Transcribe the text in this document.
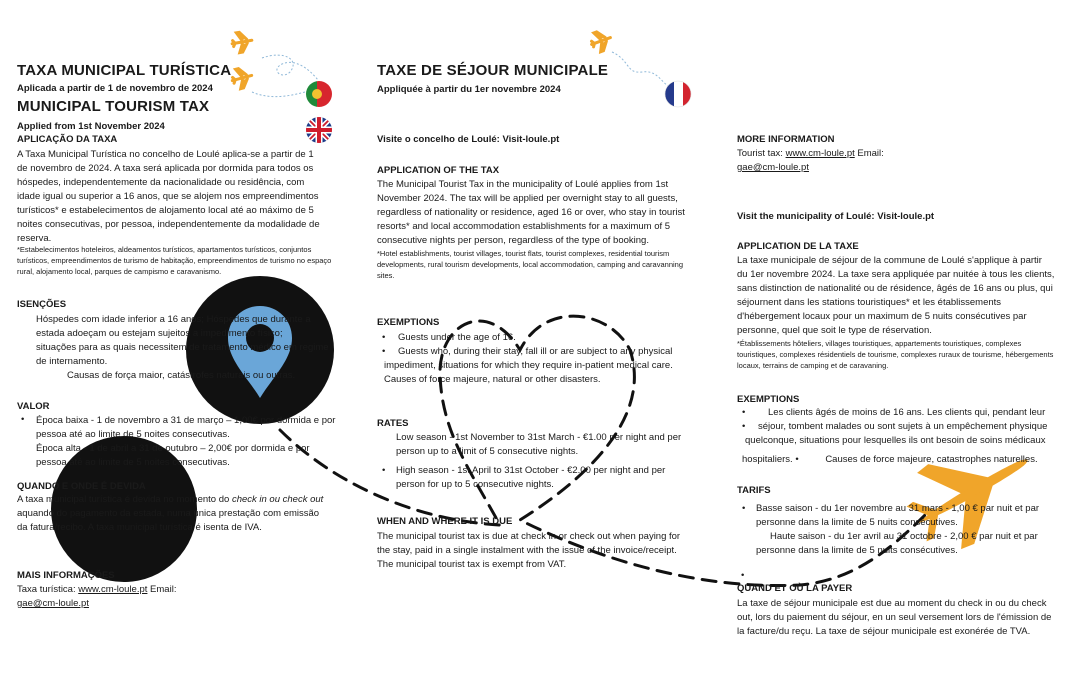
TAXA MUNICIPAL TURÍSTICA
Aplicada a partir de 1 de novembro de 2024
MUNICIPAL TOURISM TAX
Applied from 1st November 2024
APLICAÇÃO DA TAXA
A Taxa Municipal Turística no concelho de Loulé aplica-se a partir de 1 de novembro de 2024. A taxa será aplicada por dormida para todos os hóspedes, independentemente da nacionalidade ou residência, com idade igual ou superior a 16 anos, que se alojem nos empreendimentos turísticos* e estabelecimentos de alojamento local até ao máximo de 5 noites consecutivas, por pessoa, independentemente da modalidade de reserva.
*Estabelecimentos hoteleiros, aldeamentos turísticos, apartamentos turísticos, conjuntos turísticos, empreendimentos de turismo de habitação, empreendimentos de turismo no espaço rural, alojamento local, parques de campismo e caravanismo.
ISENÇÕES
Hóspedes com idade inferior a 16 anos; Hóspedes que durante a
estada adoeçam ou estejam sujeitos a impedimento físico;
situações para as quais necessitem de tratamento médico em regime
de internamento.
Causas de força maior, catástrofes naturais ou outras.
VALOR
• Época baixa - 1 de novembro a 31 de março – 1,00€ por dormida e por pessoa até ao limite de 5 noites consecutivas.
Época alta - 1 de abril a 31 de outubro – 2,00€ por dormida e por pessoa até ao limite de 5 noites consecutivas.
QUANDO E ONDE É DEVIDA
A taxa municipal turística é devida no momento do check in ou check out aquando do pagamento da estada, numa única prestação com emissão da fatura/recibo. A taxa municipal turística é isenta de IVA.
MAIS INFORMAÇÕES
Taxa turística: www.cm-loule.pt Email:
gae@cm-loule.pt
TAXE DE SÉJOUR MUNICIPALE
Appliquée à partir du 1er novembre 2024
Visite o concelho de Loulé: Visit-loule.pt
APPLICATION OF THE TAX
The Municipal Tourist Tax in the municipality of Loulé applies from 1st November 2024. The tax will be applied per overnight stay to all guests, regardless of nationality or residence, aged 16 or over, who stay in tourist resorts* and local accommodation establishments for a maximum of 5 consecutive nights per person, regardless of the type of booking.
*Hotel establishments, tourist villages, tourist flats, tourist complexes, residential tourism developments, rural tourism developments, local accommodation, camping and caravanning sites.
EXEMPTIONS
• Guests under the age of 16.
•	Guests who, during their stay, fall ill or are subject to any physical impediment, situations for which they require in-patient medical care. Causes of force majeure, natural or other disasters.
RATES
Low season - 1st November to 31st March - €1.00 per night and per person up to a limit of 5 consecutive nights.
• High season - 1st April to 31st October - €2.00 per night and per person for up to 5 consecutive nights.
WHEN AND WHERE IT IS DUE
The municipal tourist tax is due at check in or check out when paying for the stay, paid in a single instalment with the issue of the invoice/receipt. The municipal tourist tax is exempt from VAT.
MORE INFORMATION
Tourist tax: www.cm-loule.pt Email:
gae@cm-loule.pt
Visit the municipality of Loulé: Visit-loule.pt
APPLICATION DE LA TAXE
La taxe municipale de séjour de la commune de Loulé s'applique à partir du 1er novembre 2024. La taxe sera appliquée par nuitée à tous les clients, sans distinction de nationalité ou de résidence, âgés de 16 ans ou plus, qui séjournent dans les stations touristiques* et les établissements d'hébergement locaux pour un maximum de 5 nuits consécutives par personne, quel que soit le type de réservation.
*Établissements hôteliers, villages touristiques, appartements touristiques, complexes touristiques, complexes résidentiels de tourisme, complexes ruraux de tourisme, hébergements locaux, terrains de camping et de caravaning.
EXEMPTIONS
• Les clients âgés de moins de 16 ans. Les clients qui, pendant leur
•	séjour, tombent malades ou sont sujets à un empêchement physique quelconque, situations pour lesquelles ils ont besoin de soins médicaux
hospitaliers. •	Causes de force majeure, catastrophes naturelles.
TARIFS
• Basse saison - du 1er novembre au 31 mars - 1,00 € par nuit et par personne dans la limite de 5 nuits consécutives.
Haute saison - du 1er avril au 31 octobre - 2,00 € par nuit et par personne dans la limite de 5 nuits consécutives.
•
QUAND ET OÙ LA PAYER
La taxe de séjour municipale est due au moment du check in ou du check out, lors du paiement du séjour, en un seul versement lors de l'émission de la facture/du reçu. La taxe de séjour municipale est exonérée de TVA.
